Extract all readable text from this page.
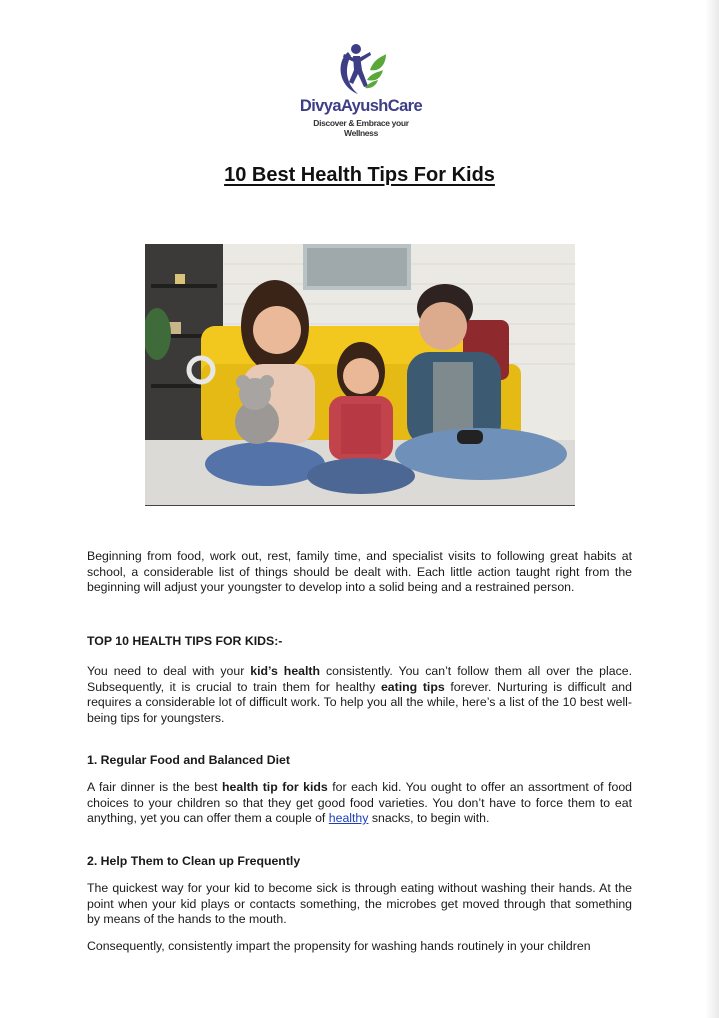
DivyaAyushCare
Discover & Embrace your Wellness
10 Best Health Tips For Kids

Beginning from food, work out, rest, family time, and specialist visits to following great habits at school, a considerable list of things should be dealt with. Each little action taught right from the beginning will adjust your youngster to develop into a solid being and a restrained person.

TOP 10 HEALTH TIPS FOR KIDS:-

You need to deal with your kid’s health consistently. You can’t follow them all over the place. Subsequently, it is crucial to train them for healthy eating tips forever. Nurturing is difficult and requires a considerable lot of difficult work. To help you all the while, here’s a list of the 10 best well-being tips for youngsters.

1. Regular Food and Balanced Diet

A fair dinner is the best health tip for kids for each kid. You ought to offer an assortment of food choices to your children so that they get good food varieties. You don’t have to force them to eat anything, yet you can offer them a couple of healthy snacks, to begin with.

2. Help Them to Clean up Frequently

The quickest way for your kid to become sick is through eating without washing their hands. At the point when your kid plays or contacts something, the microbes get moved through that something by means of the hands to the mouth.

Consequently, consistently impart the propensity for washing hands routinely in your children
